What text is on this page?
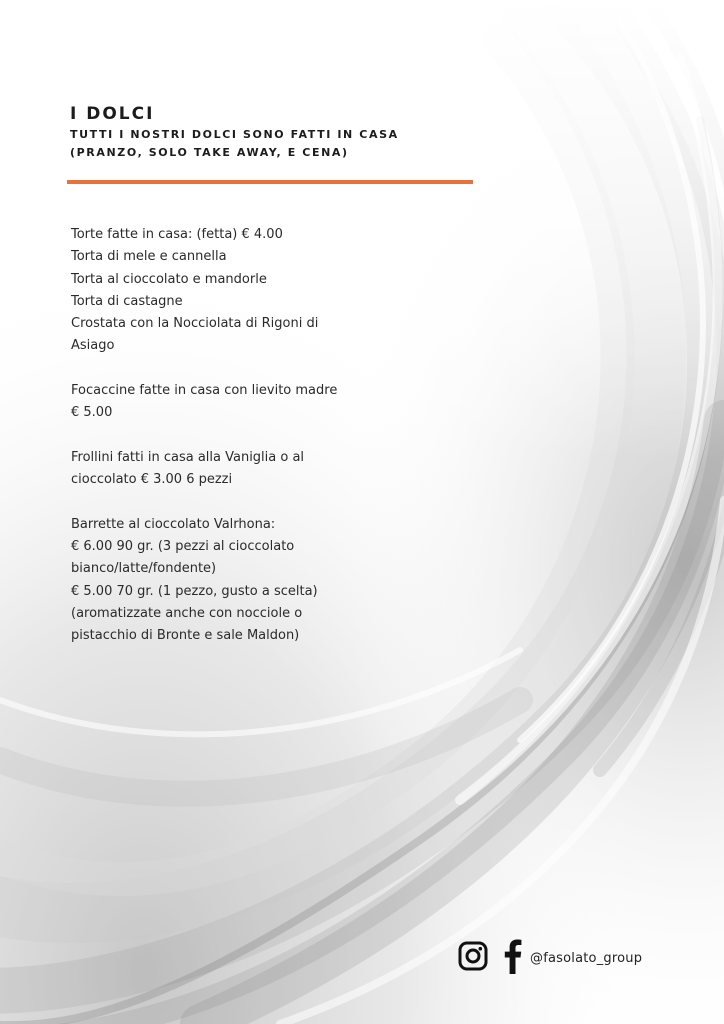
I DOLCI
TUTTI I NOSTRI DOLCI SONO FATTI IN CASA
(PRANZO, SOLO TAKE AWAY, E CENA)
Torte fatte in casa: (fetta) € 4.00
Torta di mele e cannella
Torta al cioccolato e mandorle
Torta di castagne
Crostata con la Nocciolata di Rigoni di
Asiago
Focaccine fatte in casa con lievito madre
€ 5.00
Frollini fatti in casa alla Vaniglia o al
cioccolato € 3.00 6 pezzi
Barrette al cioccolato Valrhona:
€ 6.00 90 gr. (3 pezzi al cioccolato
bianco/latte/fondente)
€ 5.00 70 gr. (1 pezzo, gusto a scelta)
(aromatizzate anche con nocciole o
pistacchio di Bronte e sale Maldon)
@fasolato_group
